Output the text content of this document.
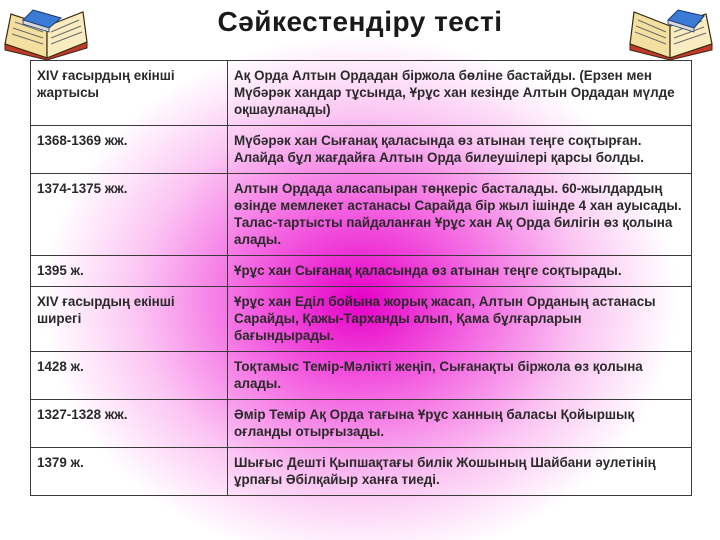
Сәйкестендіру тесті
XIV ғасырдың екінші жартысы	Ақ Орда Алтын Ордадан біржола бөліне бастайды. (Ерзен мен Мүбәрәк хандар тұсында, Ұрұс хан кезінде Алтын Ордадан мүлде оқшауланады)
1368-1369 жж.	Мүбәрәк хан Сығанақ қаласында өз атынан теңге соқтырған. Алайда бұл жағдайға Алтын Орда билеушілері қарсы болды.
1374-1375 жж.	Алтын Ордада аласапыран төңкеріс басталады. 60-жылдардың өзінде мемлекет астанасы Сарайда бір жыл ішінде 4 хан ауысады. Талас-тартысты пайдаланған Ұрұс хан Ақ Орда билігін өз қолына алады.
1395 ж.	Ұрұс хан Сығанақ қаласында өз атынан теңге соқтырады.
XIV ғасырдың екінші ширегі	Ұрұс хан Еділ бойына жорық жасап, Алтын Орданың астанасы Сарайды, Қажы-Тарханды алып, Қама бұлғарларын бағындырады.
1428 ж.	Тоқтамыс Темір-Мәлікті жеңіп, Сығанақты біржола өз қолына алады.
1327-1328 жж.	Әмір Темір Ақ Орда тағына Ұрұс ханның баласы Қойыршық оғланды отырғызады.
1379 ж.	Шығыс Дешті Қыпшақтағы билік Жошының Шайбани әулетінің ұрпағы Әбілқайыр ханға тиеді.
